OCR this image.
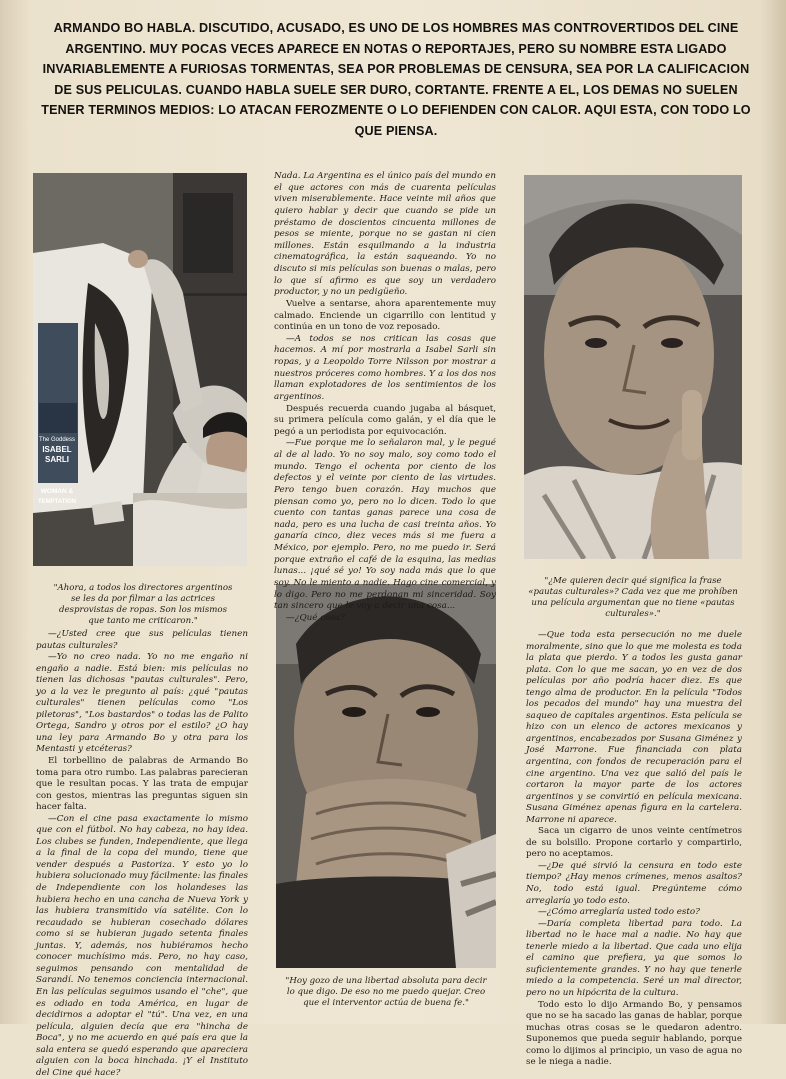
ARMANDO BO HABLA. DISCUTIDO, ACUSADO, ES UNO DE LOS HOMBRES MAS CONTROVERTIDOS DEL CINE ARGENTINO. MUY POCAS VECES APARECE EN NOTAS O REPORTAJES, PERO SU NOMBRE ESTA LIGADO INVARIABLEMENTE A FURIOSAS TORMENTAS, SEA POR PROBLEMAS DE CENSURA, SEA POR LA CALIFICACION DE SUS PELICULAS. CUANDO HABLA SUELE SER DURO, CORTANTE. FRENTE A EL, LOS DEMAS NO SUELEN TENER TERMINOS MEDIOS: LO ATACAN FEROZMENTE O LO DEFIENDEN CON CALOR. AQUI ESTA, CON TODO LO QUE PIENSA.
The Goddess
ISABEL
SARLI
WOMAN &
TEMPTATION
"Ahora, a todos los directores argentinos se les da por filmar a las actrices desprovistas de ropas. Son los mismos que tanto me criticaron."
"¿Me quieren decir qué significa la frase «pautas culturales»? Cada vez que me prohíben una película argumentan que no tiene «pautas culturales»."
"Hoy gozo de una libertad absoluta para decir lo que digo. De eso no me puedo quejar. Creo que el interventor actúa de buena fe."

Nada. La Argentina es el único país del mundo en el que actores con más de cuarenta películas viven miserablemente. Hace veinte mil años que quiero hablar y decir que cuando se pide un préstamo de doscientos cincuenta millones de pesos se miente, porque no se gastan ni cien millones. Están esquilmando a la industria cinematográfica, la están saqueando. Yo no discuto si mis películas son buenas o malas, pero lo que sí afirmo es que soy un verdadero productor, y no un pedigüeño.

Vuelve a sentarse, ahora aparentemente muy calmado. Enciende un cigarrillo con lentitud y continúa en un tono de voz reposado.

—A todos se nos critican las cosas que hacemos. A mí por mostrarla a Isabel Sarli sin ropas, y a Leopoldo Torre Nilsson por mostrar a nuestros próceres como hombres. Y a los dos nos llaman explotadores de los sentimientos de los argentinos.

Después recuerda cuando jugaba al básquet, su primera película como galán, y el día que le pegó a un periodista por equivocación.

—Fue porque me lo señalaron mal, y le pegué al de al lado. Yo no soy malo, soy como todo el mundo. Tengo el ochenta por ciento de los defectos y el veinte por ciento de las virtudes. Pero tengo buen corazón. Hay muchos que piensan como yo, pero no lo dicen. Todo lo que cuento con tantas ganas parece una cosa de nada, pero es una lucha de casi treinta años. Yo ganaría cinco, diez veces más si me fuera a México, por ejemplo. Pero, no me puedo ir. Será porque extraño el café de la esquina, las medias lunas... ¡qué sé yo! Yo soy nada más que lo que soy. No le miento a nadie. Hago cine comercial, y lo digo. Pero no me perdonan mi sinceridad. Soy tan sincero que le voy a decir una cosa...

—¿Qué cosa?

—¿Usted cree que sus películas tienen pautas culturales?

—Yo no creo nada. Yo no me engaño ni engaño a nadie. Está bien: mis películas no tienen las dichosas "pautas culturales". Pero, yo a la vez le pregunto al país: ¿qué "pautas culturales" tienen películas como "Los piletoras", "Los bastardos" o todas las de Palito Ortega, Sandro y otros por el estilo? ¿O hay una ley para Armando Bo y otra para los Mentasti y etcéteras?

El torbellino de palabras de Armando Bo toma para otro rumbo. Las palabras parecieran que le resultan pocas. Y las trata de empujar con gestos, mientras las preguntas siguen sin hacer falta.

—Con el cine pasa exactamente lo mismo que con el fútbol. No hay cabeza, no hay idea. Los clubes se funden, Independiente, que llega a la final de la copa del mundo, tiene que vender después a Pastoriza. Y esto yo lo hubiera solucionado muy fácilmente: las finales de Independiente con los holandeses las hubiera hecho en una cancha de Nueva York y las hubiera transmitido vía satélite. Con lo recaudado se hubieran cosechado dólares como si se hubieran jugado setenta finales juntas. Y, además, nos hubiéramos hecho conocer muchísimo más. Pero, no hay caso, seguimos pensando con mentalidad de Sarandí. No tenemos conciencia internacional. En las películas seguimos usando el "che", que es odiado en toda América, en lugar de decidirnos a adoptar el "tú". Una vez, en una película, alguien decía que era "hincha de Boca", y no me acuerdo en qué país era que la sala entera se quedó esperando que apareciera alguien con la boca hinchada. ¡Y el Instituto del Cine qué hace?

—Que toda esta persecución no me duele moralmente, sino que lo que me molesta es toda la plata que pierdo. Y a todos les gusta ganar plata. Con lo que me sacan, yo en vez de dos películas por año podría hacer diez. Es que tengo alma de productor. En la película "Todos los pecados del mundo" hay una muestra del saqueo de capitales argentinos. Esta película se hizo con un elenco de actores mexicanos y argentinos, encabezados por Susana Giménez y José Marrone. Fue financiada con plata argentina, con fondos de recuperación para el cine argentino. Una vez que salió del país le cortaron la mayor parte de los actores argentinos y se convirtió en película mexicana. Susana Giménez apenas figura en la cartelera. Marrone ni aparece.

Saca un cigarro de unos veinte centímetros de su bolsillo. Propone cortarlo y compartirlo, pero no aceptamos.

—¿De qué sirvió la censura en todo este tiempo? ¿Hay menos crímenes, menos asaltos? No, todo está igual. Pregúnteme cómo arreglaría yo todo esto.

—¿Cómo arreglaría usted todo esto?

—Daría completa libertad para todo. La libertad no le hace mal a nadie. No hay que tenerle miedo a la libertad. Que cada uno elija el camino que prefiera, ya que somos lo suficientemente grandes. Y no hay que tenerle miedo a la competencia. Seré un mal director, pero no un hipócrita de la cultura.

Todo esto lo dijo Armando Bo, y pensamos que no se ha sacado las ganas de hablar, porque muchas otras cosas se le quedaron adentro. Suponemos que pueda seguir hablando, porque como lo dijimos al principio, un vaso de agua no se le niega a nadie.
